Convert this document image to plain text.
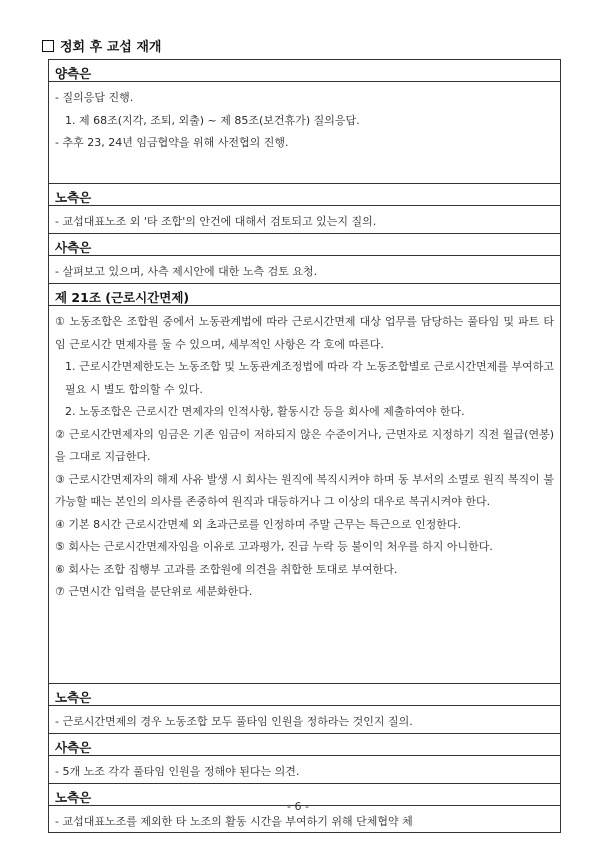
정회 후 교섭 재개
양측은

- 질의응답 진행.

1. 제 68조(지각, 조퇴, 외출) ~ 제 85조(보건휴가) 질의응답.

- 추후 23, 24년 임금협약을 위해 사전협의 진행.

노측은

- 교섭대표노조 외 '타 조합'의 안건에 대해서 검토되고 있는지 질의.

사측은

- 살펴보고 있으며, 사측 제시안에 대한 노측 검토 요청.

제 21조 (근로시간면제)

① 노동조합은 조합원 중에서 노동관계법에 따라 근로시간면제 대상 업무를 담당하는 풀타임 및 파트 타임 근로시간 면제자를 둘 수 있으며, 세부적인 사항은 각 호에 따른다.

1. 근로시간면제한도는 노동조합 및 노동관계조정법에 따라 각 노동조합별로 근로시간면제를 부여하고 필요 시 별도 합의할 수 있다.

2. 노동조합은 근로시간 면제자의 인적사항, 활동시간 등을 회사에 제출하여야 한다.

② 근로시간면제자의 임금은 기존 임금이 저하되지 않은 수준이거나, 근면자로 지정하기 직전 월급(연봉)을 그대로 지급한다.

③ 근로시간면제자의 해제 사유 발생 시 회사는 원직에 복직시켜야 하며 동 부서의 소멸로 원직 복직이 불가능할 때는 본인의 의사를 존중하여 원직과 대등하거나 그 이상의 대우로 복귀시켜야 한다.

④ 기본 8시간 근로시간면제 외 초과근로를 인정하며 주말 근무는 특근으로 인정한다.

⑤ 회사는 근로시간면제자임을 이유로 고과평가, 진급 누락 등 불이익 처우를 하지 아니한다.

⑥ 회사는 조합 집행부 고과를 조합원에 의견을 취합한 토대로 부여한다.

⑦ 근면시간 입력을 분단위로 세분화한다.

노측은

- 근로시간면제의 경우 노동조합 모두 풀타임 인원을 정하라는 것인지 질의.

사측은

- 5개 노조 각각 풀타임 인원을 정해야 된다는 의견.

노측은

- 교섭대표노조를 제외한 타 노조의 활동 시간을 부여하기 위해 단체협약 체

- 6 -
